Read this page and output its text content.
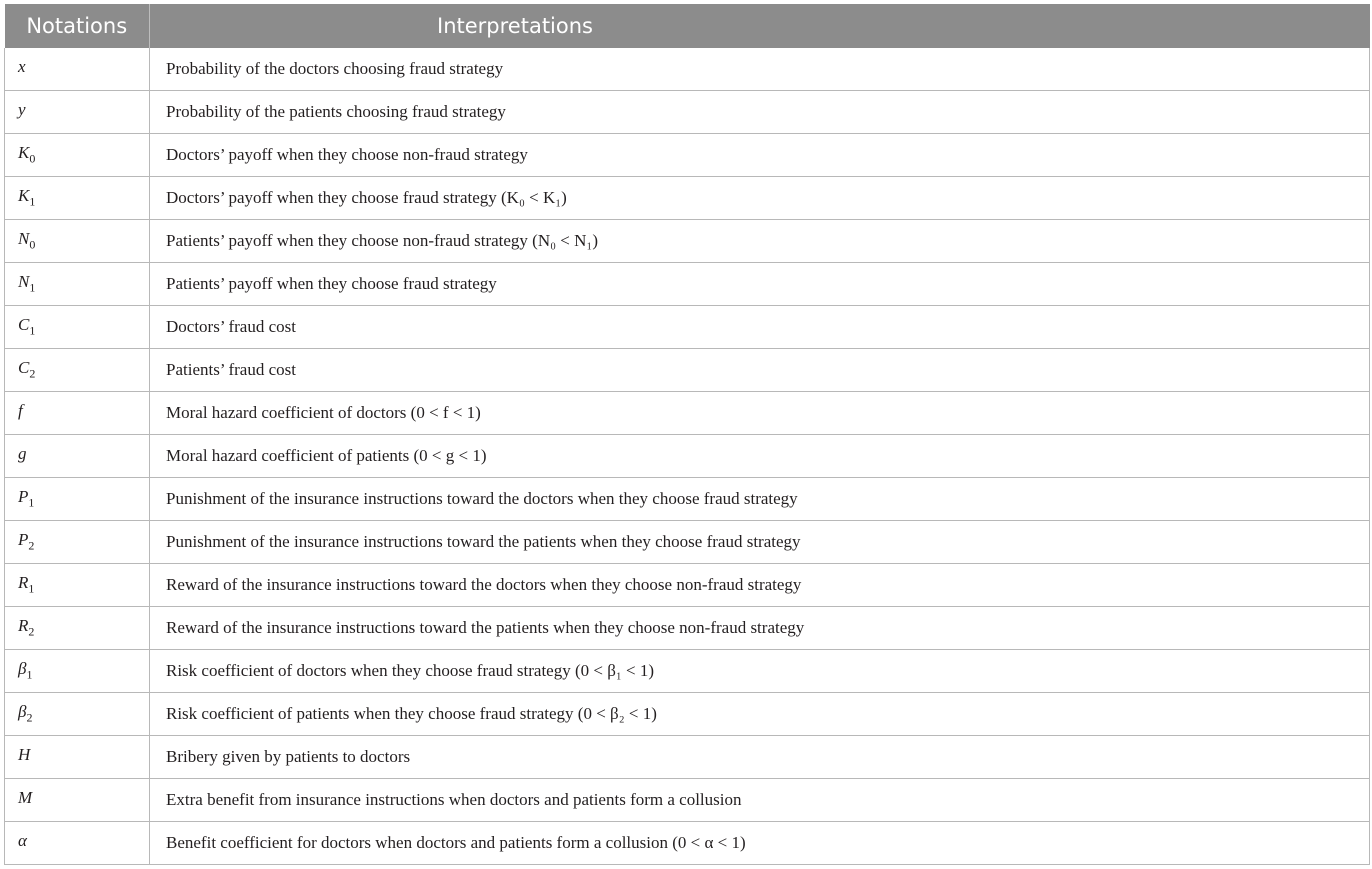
Notations	Interpretations
x	Probability of the doctors choosing fraud strategy
y	Probability of the patients choosing fraud strategy
$K_0$	Doctors’ payoff when they choose non-fraud strategy
$K_1$	Doctors’ payoff when they choose fraud strategy (K₀ < K₁)
$N_0$	Patients’ payoff when they choose non-fraud strategy (N₀ < N₁)
$N_1$	Patients’ payoff when they choose fraud strategy
$C_1$	Doctors’ fraud cost
$C_2$	Patients’ fraud cost
f	Moral hazard coefficient of doctors (0 < f < 1)
g	Moral hazard coefficient of patients (0 < g < 1)
$P_1$	Punishment of the insurance instructions toward the doctors when they choose fraud strategy
$P_2$	Punishment of the insurance instructions toward the patients when they choose fraud strategy
$R_1$	Reward of the insurance instructions toward the doctors when they choose non-fraud strategy
$R_2$	Reward of the insurance instructions toward the patients when they choose non-fraud strategy
$\beta_1$	Risk coefficient of doctors when they choose fraud strategy (0 < β₁ < 1)
$\beta_2$	Risk coefficient of patients when they choose fraud strategy (0 < β₂ < 1)
H	Bribery given by patients to doctors
M	Extra benefit from insurance instructions when doctors and patients form a collusion
α	Benefit coefficient for doctors when doctors and patients form a collusion (0 < α < 1)
